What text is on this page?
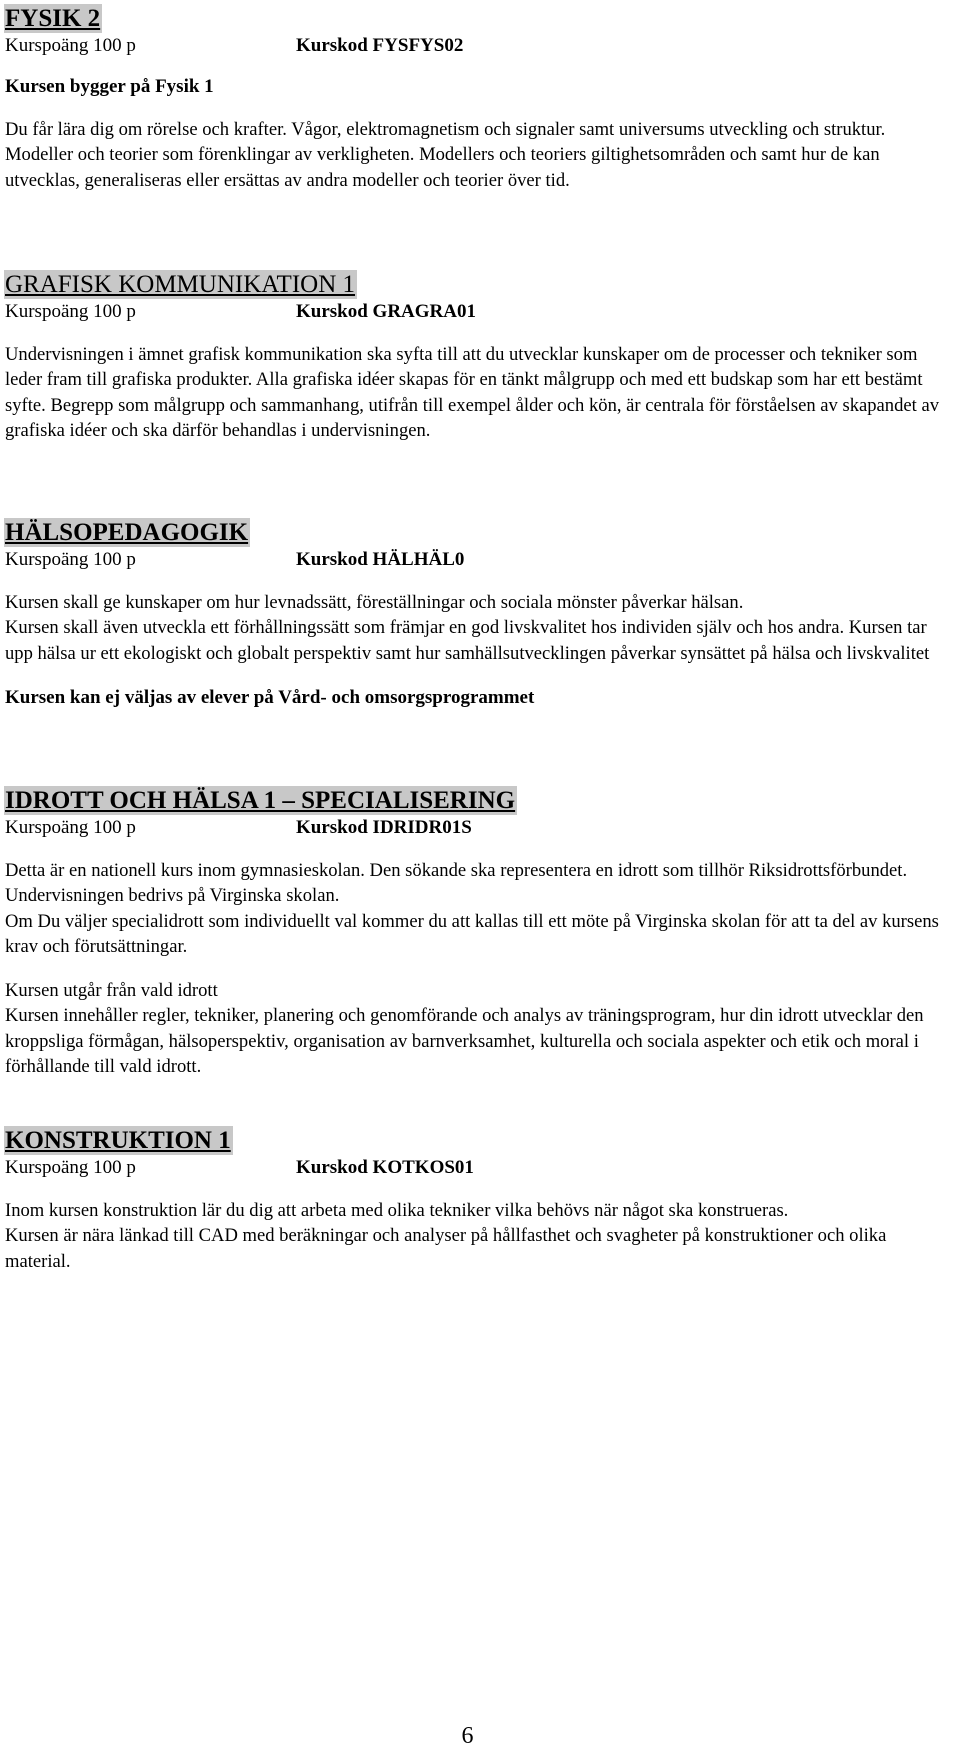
FYSIK 2
Kurspoäng 100 p	Kurskod FYSFYS02

Kursen bygger på Fysik 1

Du får lära dig om rörelse och krafter. Vågor, elektromagnetism och signaler samt universums utveckling och struktur. Modeller och teorier som förenklingar av verkligheten. Modellers och teoriers giltighetsområden och samt hur de kan utvecklas, generaliseras eller ersättas av andra modeller och teorier över tid.

GRAFISK KOMMUNIKATION 1
Kurspoäng 100 p	Kurskod GRAGRA01

Undervisningen i ämnet grafisk kommunikation ska syfta till att du utvecklar kunskaper om de processer och tekniker som leder fram till grafiska produkter. Alla grafiska idéer skapas för en tänkt målgrupp och med ett budskap som har ett bestämt syfte. Begrepp som målgrupp och sammanhang, utifrån till exempel ålder och kön, är centrala för förståelsen av skapandet av grafiska idéer och ska därför behandlas i undervisningen.

HÄLSOPEDAGOGIK
Kurspoäng 100 p	Kurskod HÄLHÄL0

Kursen skall ge kunskaper om hur levnadssätt, föreställningar och sociala mönster påverkar hälsan.

Kursen skall även utveckla ett förhållningssätt som främjar en god livskvalitet hos individen själv och hos andra. Kursen tar upp hälsa ur ett ekologiskt och globalt perspektiv samt hur samhällsutvecklingen påverkar synsättet på hälsa och livskvalitet

Kursen kan ej väljas av elever på Vård- och omsorgsprogrammet

IDROTT OCH HÄLSA 1 – SPECIALISERING
Kurspoäng 100 p	Kurskod IDRIDR01S

Detta är en nationell kurs inom gymnasieskolan. Den sökande ska representera en idrott som tillhör Riksidrottsförbundet.

Undervisningen bedrivs på Virginska skolan.

Om Du väljer specialidrott som individuellt val kommer du att kallas till ett möte på Virginska skolan för att ta del av kursens krav och förutsättningar.

Kursen utgår från vald idrott

Kursen innehåller regler, tekniker, planering och genomförande och analys av träningsprogram, hur din idrott utvecklar den kroppsliga förmågan, hälsoperspektiv, organisation av barnverksamhet, kulturella och sociala aspekter och etik och moral i förhållande till vald idrott.

KONSTRUKTION 1
Kurspoäng 100 p	Kurskod KOTKOS01

Inom kursen konstruktion lär du dig att arbeta med olika tekniker vilka behövs när något ska konstrueras.

Kursen är nära länkad till CAD med beräkningar och analyser på hållfasthet och svagheter på konstruktioner och olika material.

6
